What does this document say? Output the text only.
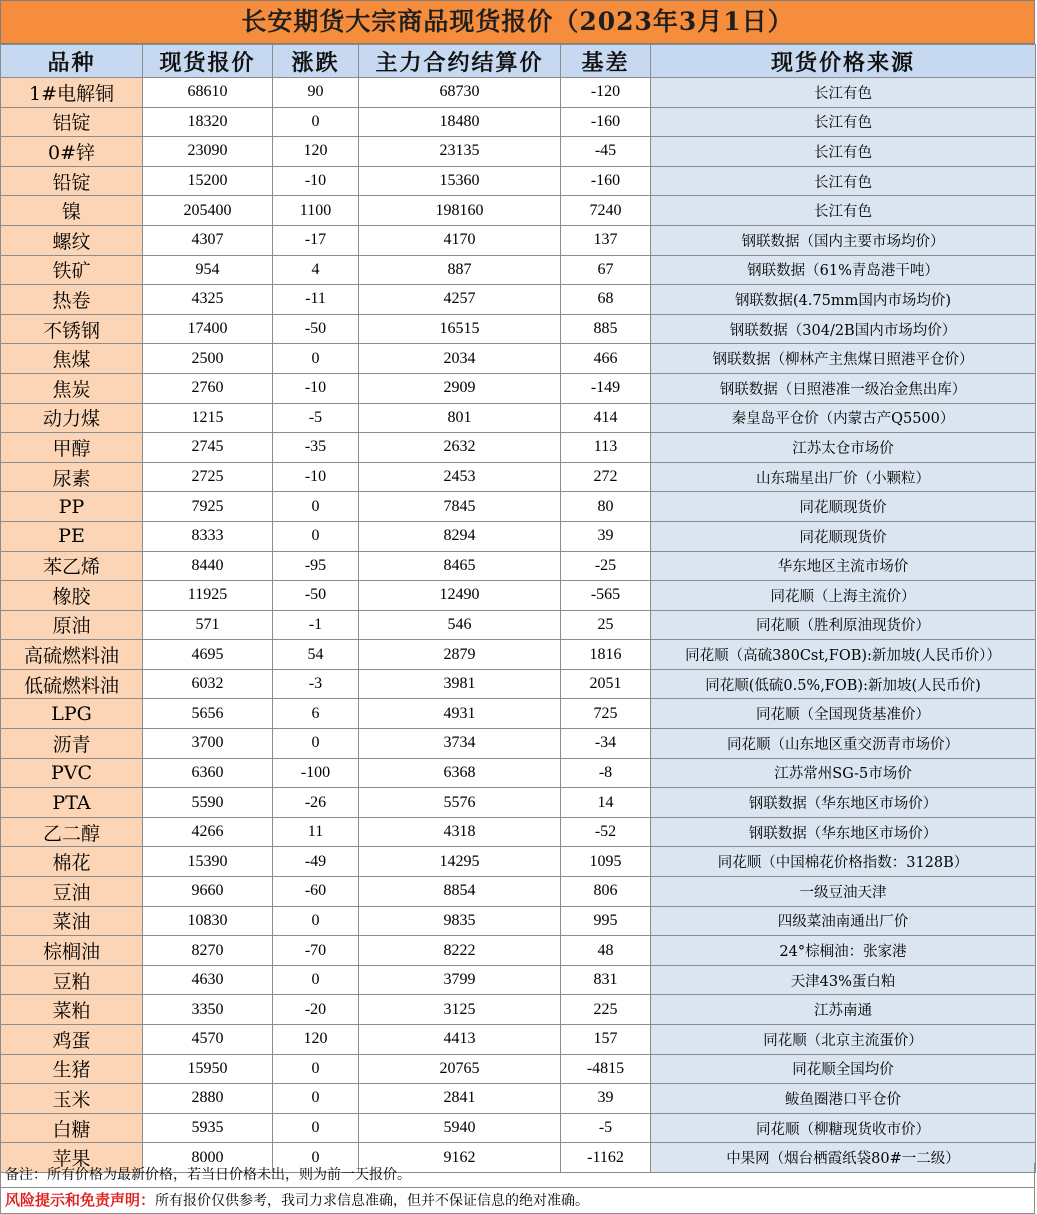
长安期货大宗商品现货报价（2023年3月1日）
品种	现货报价	涨跌	主力合约结算价	基差	现货价格来源
1#电解铜	68610	90	68730	-120	长江有色
铝锭	18320	0	18480	-160	长江有色
0#锌	23090	120	23135	-45	长江有色
铅锭	15200	-10	15360	-160	长江有色
镍	205400	1100	198160	7240	长江有色
螺纹	4307	-17	4170	137	钢联数据（国内主要市场均价）
铁矿	954	4	887	67	钢联数据（61%青岛港干吨）
热卷	4325	-11	4257	68	钢联数据(4.75mm国内市场均价)
不锈钢	17400	-50	16515	885	钢联数据（304/2B国内市场均价）
焦煤	2500	0	2034	466	钢联数据（柳林产主焦煤日照港平仓价）
焦炭	2760	-10	2909	-149	钢联数据（日照港准一级冶金焦出库）
动力煤	1215	-5	801	414	秦皇岛平仓价（内蒙古产Q5500）
甲醇	2745	-35	2632	113	江苏太仓市场价
尿素	2725	-10	2453	272	山东瑞星出厂价（小颗粒）
PP	7925	0	7845	80	同花顺现货价
PE	8333	0	8294	39	同花顺现货价
苯乙烯	8440	-95	8465	-25	华东地区主流市场价
橡胶	11925	-50	12490	-565	同花顺（上海主流价）
原油	571	-1	546	25	同花顺（胜利原油现货价）
高硫燃料油	4695	54	2879	1816	同花顺（高硫380Cst,FOB):新加坡(人民币价））
低硫燃料油	6032	-3	3981	2051	同花顺(低硫0.5%,FOB):新加坡(人民币价)
LPG	5656	6	4931	725	同花顺（全国现货基准价）
沥青	3700	0	3734	-34	同花顺（山东地区重交沥青市场价）
PVC	6360	-100	6368	-8	江苏常州SG-5市场价
PTA	5590	-26	5576	14	钢联数据（华东地区市场价）
乙二醇	4266	11	4318	-52	钢联数据（华东地区市场价）
棉花	15390	-49	14295	1095	同花顺（中国棉花价格指数：3128B）
豆油	9660	-60	8854	806	一级豆油天津
菜油	10830	0	9835	995	四级菜油南通出厂价
棕榈油	8270	-70	8222	48	24°棕榈油：张家港
豆粕	4630	0	3799	831	天津43%蛋白粕
菜粕	3350	-20	3125	225	江苏南通
鸡蛋	4570	120	4413	157	同花顺（北京主流蛋价）
生猪	15950	0	20765	-4815	同花顺全国均价
玉米	2880	0	2841	39	鲅鱼圈港口平仓价
白糖	5935	0	5940	-5	同花顺（柳糖现货收市价）
苹果	8000	0	9162	-1162	中果网（烟台栖霞纸袋80#一二级）
备注：所有价格为最新价格，若当日价格未出，则为前一天报价。
风险提示和免责声明：所有报价仅供参考，我司力求信息准确，但并不保证信息的绝对准确。
